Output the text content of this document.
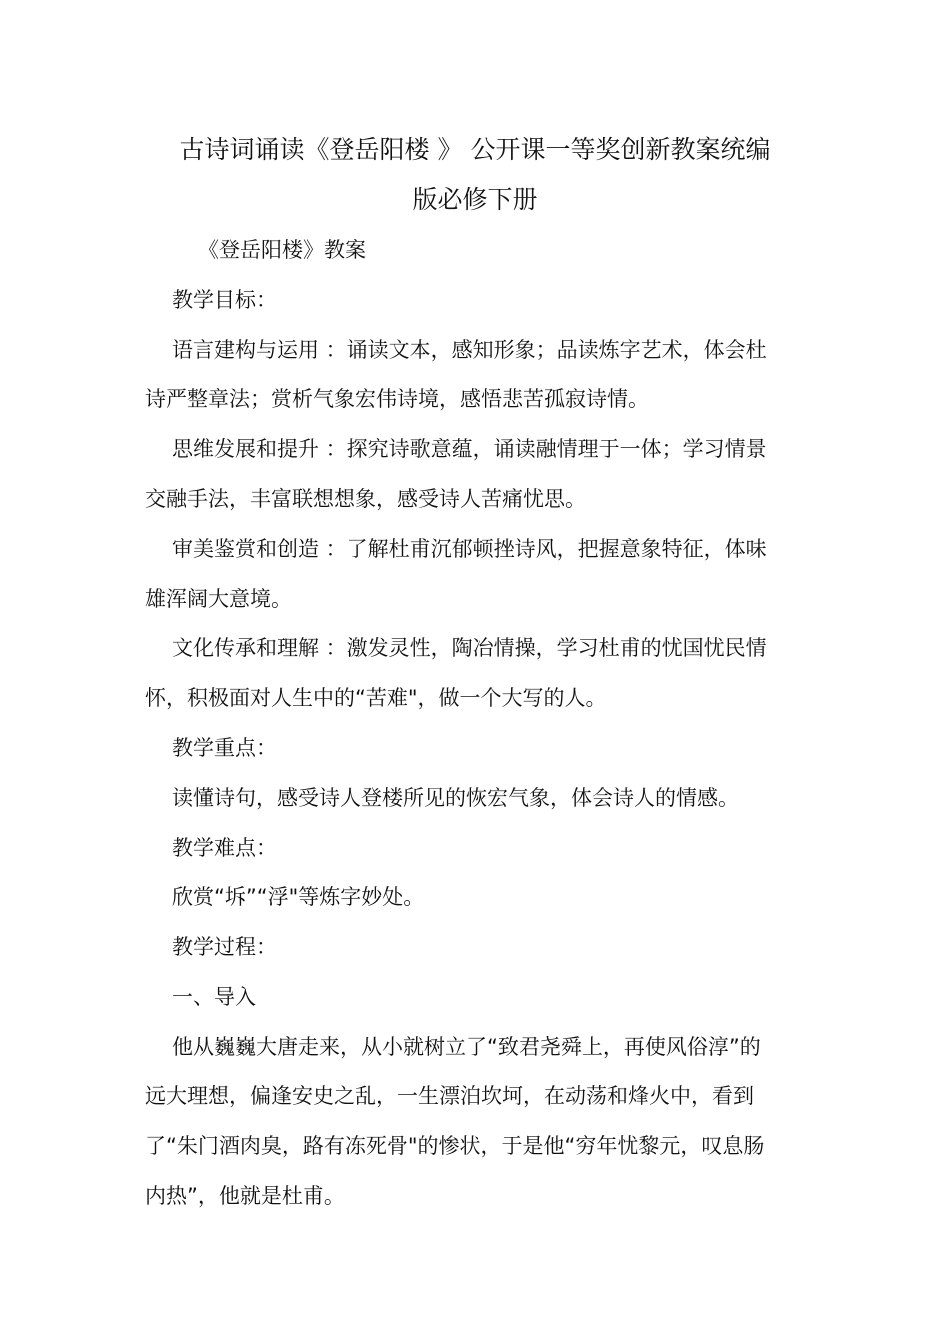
古诗词诵读《登岳阳楼 》 公开课一等奖创新教案统编
版必修下册
《登岳阳楼》教案
教学目标：
语言建构与运用 ：诵读文本，感知形象；品读炼字艺术，体会杜
诗严整章法；赏析气象宏伟诗境，感悟悲苦孤寂诗情。
思维发展和提升 ：探究诗歌意蕴，诵读融情理于一体；学习情景
交融手法，丰富联想想象，感受诗人苦痛忧思。
审美鉴赏和创造 ：了解杜甫沉郁顿挫诗风，把握意象特征，体味
雄浑阔大意境。
文化传承和理解 ：激发灵性，陶冶情操，学习杜甫的忧国忧民情
怀，积极面对人生中的“苦难"，做一个大写的人。
教学重点：
读懂诗句，感受诗人登楼所见的恢宏气象，体会诗人的情感。
教学难点：
欣赏“坼”“浮"等炼字妙处。
教学过程：
一、导入
他从巍巍大唐走来，从小就树立了“致君尧舜上，再使风俗淳”的
远大理想，偏逢安史之乱，一生漂泊坎坷，在动荡和烽火中，看到
了“朱门酒肉臭，路有冻死骨"的惨状，于是他“穷年忧黎元，叹息肠
内热”，他就是杜甫。
